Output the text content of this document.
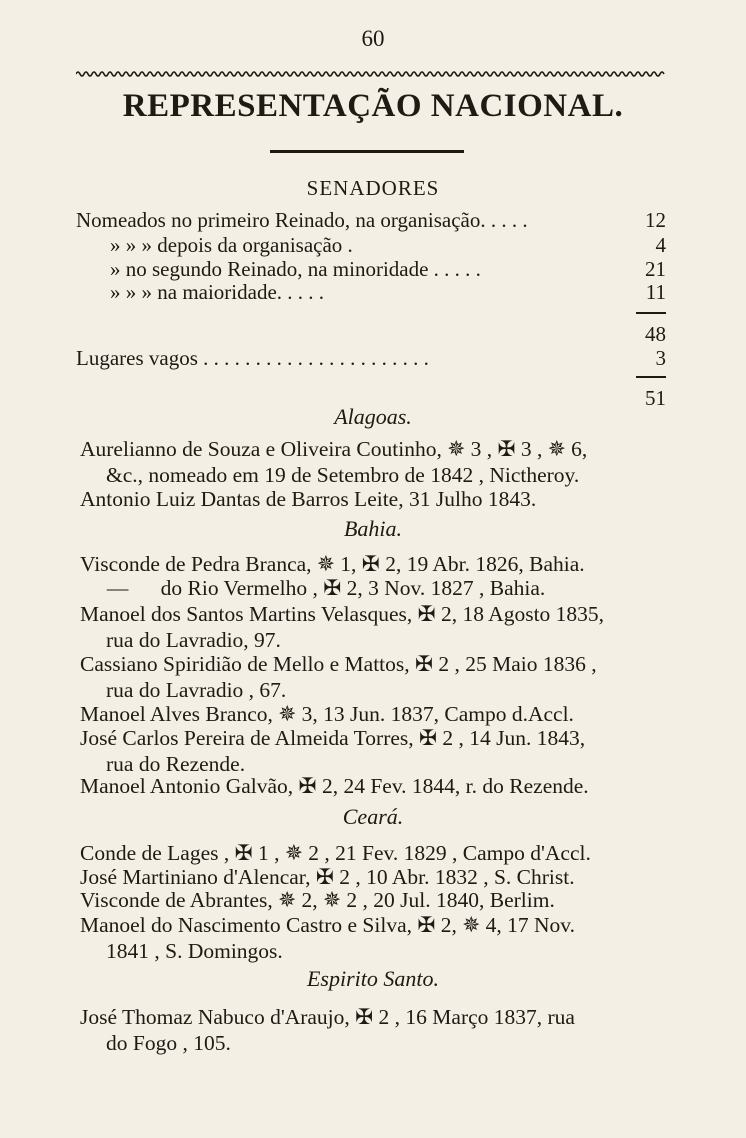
60
REPRESENTAÇÃO NACIONAL.
SENADORES
Nomeados no primeiro Reinado, na organisação. . . . .	12
» » » depois da organisação .	4
» no segundo Reinado, na minoridade . . . . .	21
» » » na maioridade. . . . .	11
48
Lugares vagos . . . . . . . . . . . . . . . . . . . . . .	3
51
Alagoas.
Aurelianno de Souza e Oliveira Coutinho, ✵ 3 , ✠ 3 , ✵ 6,
&c., nomeado em 19 de Setembro de 1842 , Nictheroy.
Antonio Luiz Dantas de Barros Leite, 31 Julho 1843.
Bahia.
Visconde de Pedra Branca, ✵ 1, ✠ 2, 19 Abr. 1826, Bahia.
—      do Rio Vermelho , ✠ 2, 3 Nov. 1827 , Bahia.
Manoel dos Santos Martins Velasques, ✠ 2, 18 Agosto 1835,
rua do Lavradio, 97.
Cassiano Spiridião de Mello e Mattos, ✠ 2 , 25 Maio 1836 ,
rua do Lavradio , 67.
Manoel Alves Branco, ✵ 3, 13 Jun. 1837, Campo d.Accl.
José Carlos Pereira de Almeida Torres, ✠ 2 , 14 Jun. 1843,
rua do Rezende.
Manoel Antonio Galvão, ✠ 2, 24 Fev. 1844, r. do Rezende.
Ceará.
Conde de Lages , ✠ 1 , ✵ 2 , 21 Fev. 1829 , Campo d'Accl.
José Martiniano d'Alencar, ✠ 2 , 10 Abr. 1832 , S. Christ.
Visconde de Abrantes, ✵ 2, ✵ 2 , 20 Jul. 1840, Berlim.
Manoel do Nascimento Castro e Silva, ✠ 2, ✵ 4, 17 Nov.
1841 , S. Domingos.
Espirito Santo.
José Thomaz Nabuco d'Araujo, ✠ 2 , 16 Março 1837, rua
do Fogo , 105.
